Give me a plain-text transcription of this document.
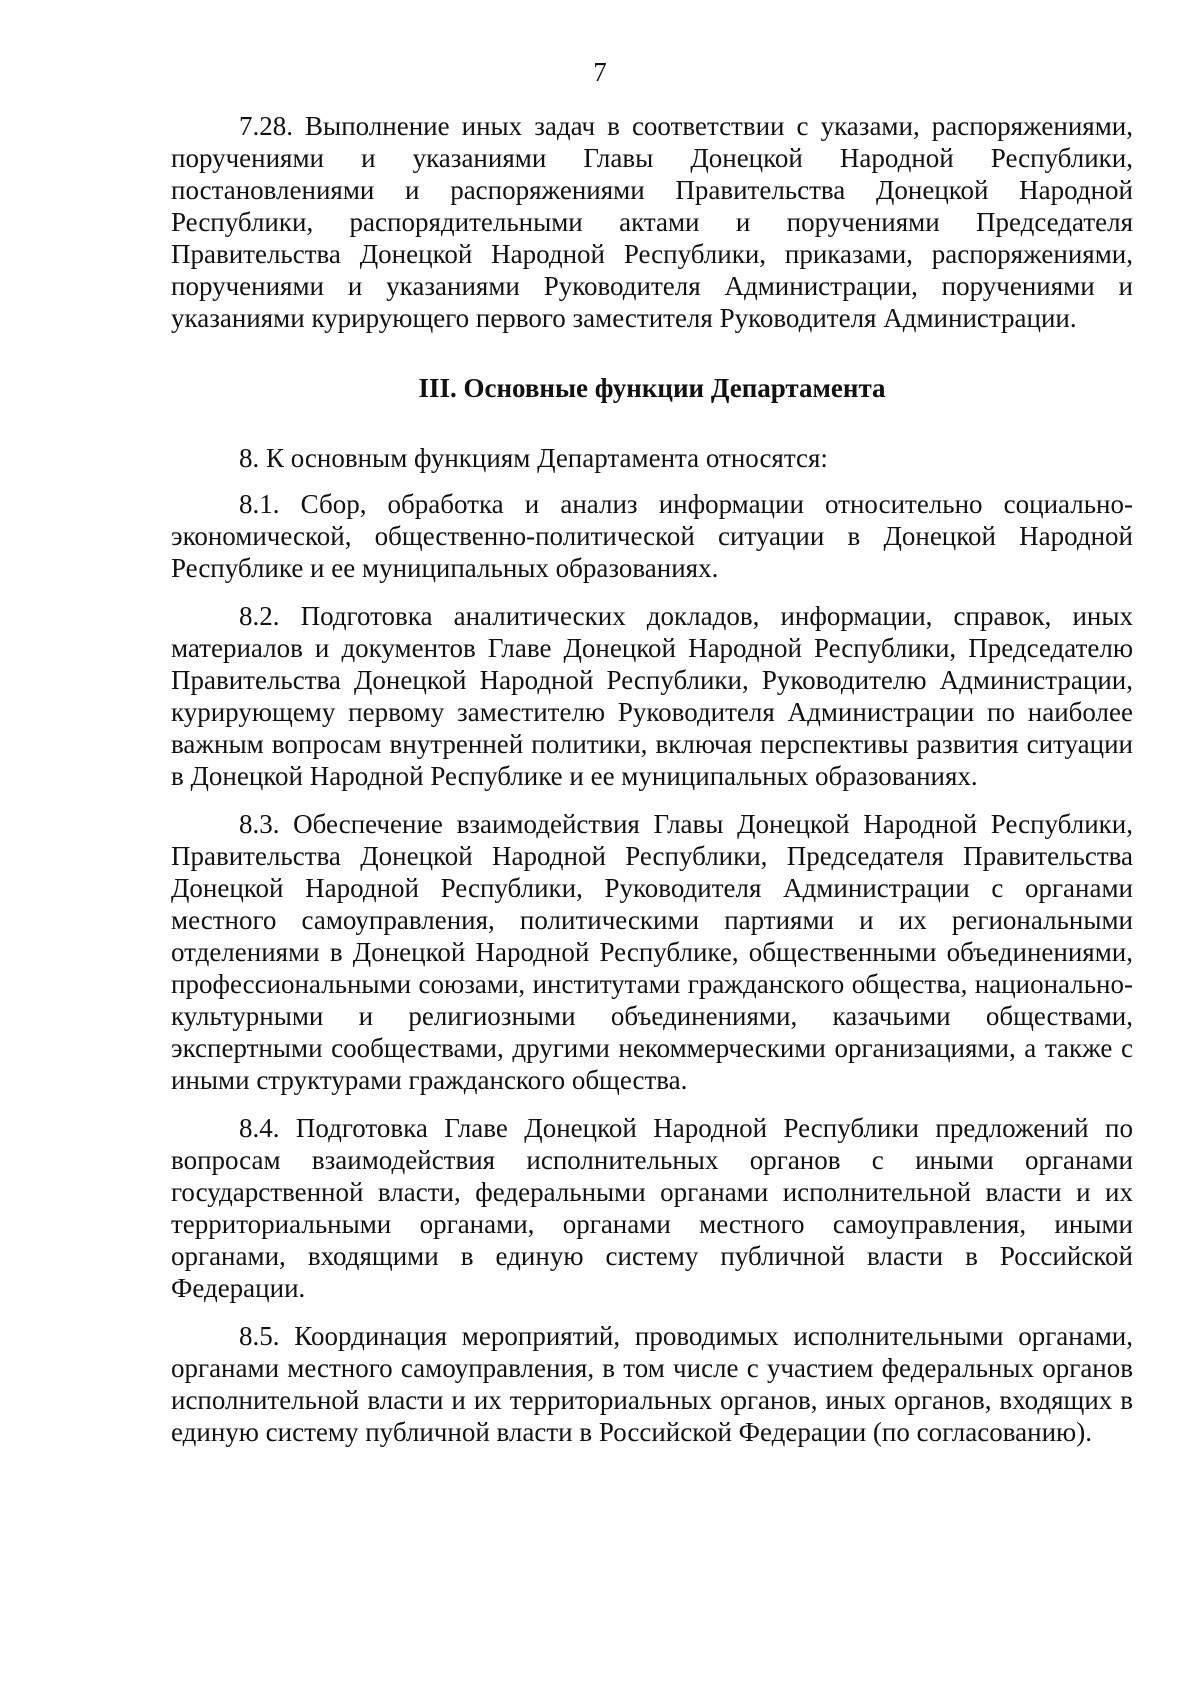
7

7.28. Выполнение иных задач в соответствии с указами, распоряжениями, поручениями и указаниями Главы Донецкой Народной Республики, постановлениями и распоряжениями Правительства Донецкой Народной Республики, распорядительными актами и поручениями Председателя Правительства Донецкой Народной Республики, приказами, распоряжениями, поручениями и указаниями Руководителя Администрации, поручениями и указаниями курирующего первого заместителя Руководителя Администрации.

III. Основные функции Департамента

8. К основным функциям Департамента относятся:

8.1. Сбор, обработка и анализ информации относительно социально-экономической, общественно-политической ситуации в Донецкой Народной Республике и ее муниципальных образованиях.

8.2. Подготовка аналитических докладов, информации, справок, иных материалов и документов Главе Донецкой Народной Республики, Председателю Правительства Донецкой Народной Республики, Руководителю Администрации, курирующему первому заместителю Руководителя Администрации по наиболее важным вопросам внутренней политики, включая перспективы развития ситуации в Донецкой Народной Республике и ее муниципальных образованиях.

8.3. Обеспечение взаимодействия Главы Донецкой Народной Республики, Правительства Донецкой Народной Республики, Председателя Правительства Донецкой Народной Республики, Руководителя Администрации с органами местного самоуправления, политическими партиями и их региональными отделениями в Донецкой Народной Республике, общественными объединениями, профессиональными союзами, институтами гражданского общества, национально-культурными и религиозными объединениями, казачьими обществами, экспертными сообществами, другими некоммерческими организациями, а также с иными структурами гражданского общества.

8.4. Подготовка Главе Донецкой Народной Республики предложений по вопросам взаимодействия исполнительных органов с иными органами государственной власти, федеральными органами исполнительной власти и их территориальными органами, органами местного самоуправления, иными органами, входящими в единую систему публичной власти в Российской Федерации.

8.5. Координация мероприятий, проводимых исполнительными органами, органами местного самоуправления, в том числе с участием федеральных органов исполнительной власти и их территориальных органов, иных органов, входящих в единую систему публичной власти в Российской Федерации (по согласованию).
